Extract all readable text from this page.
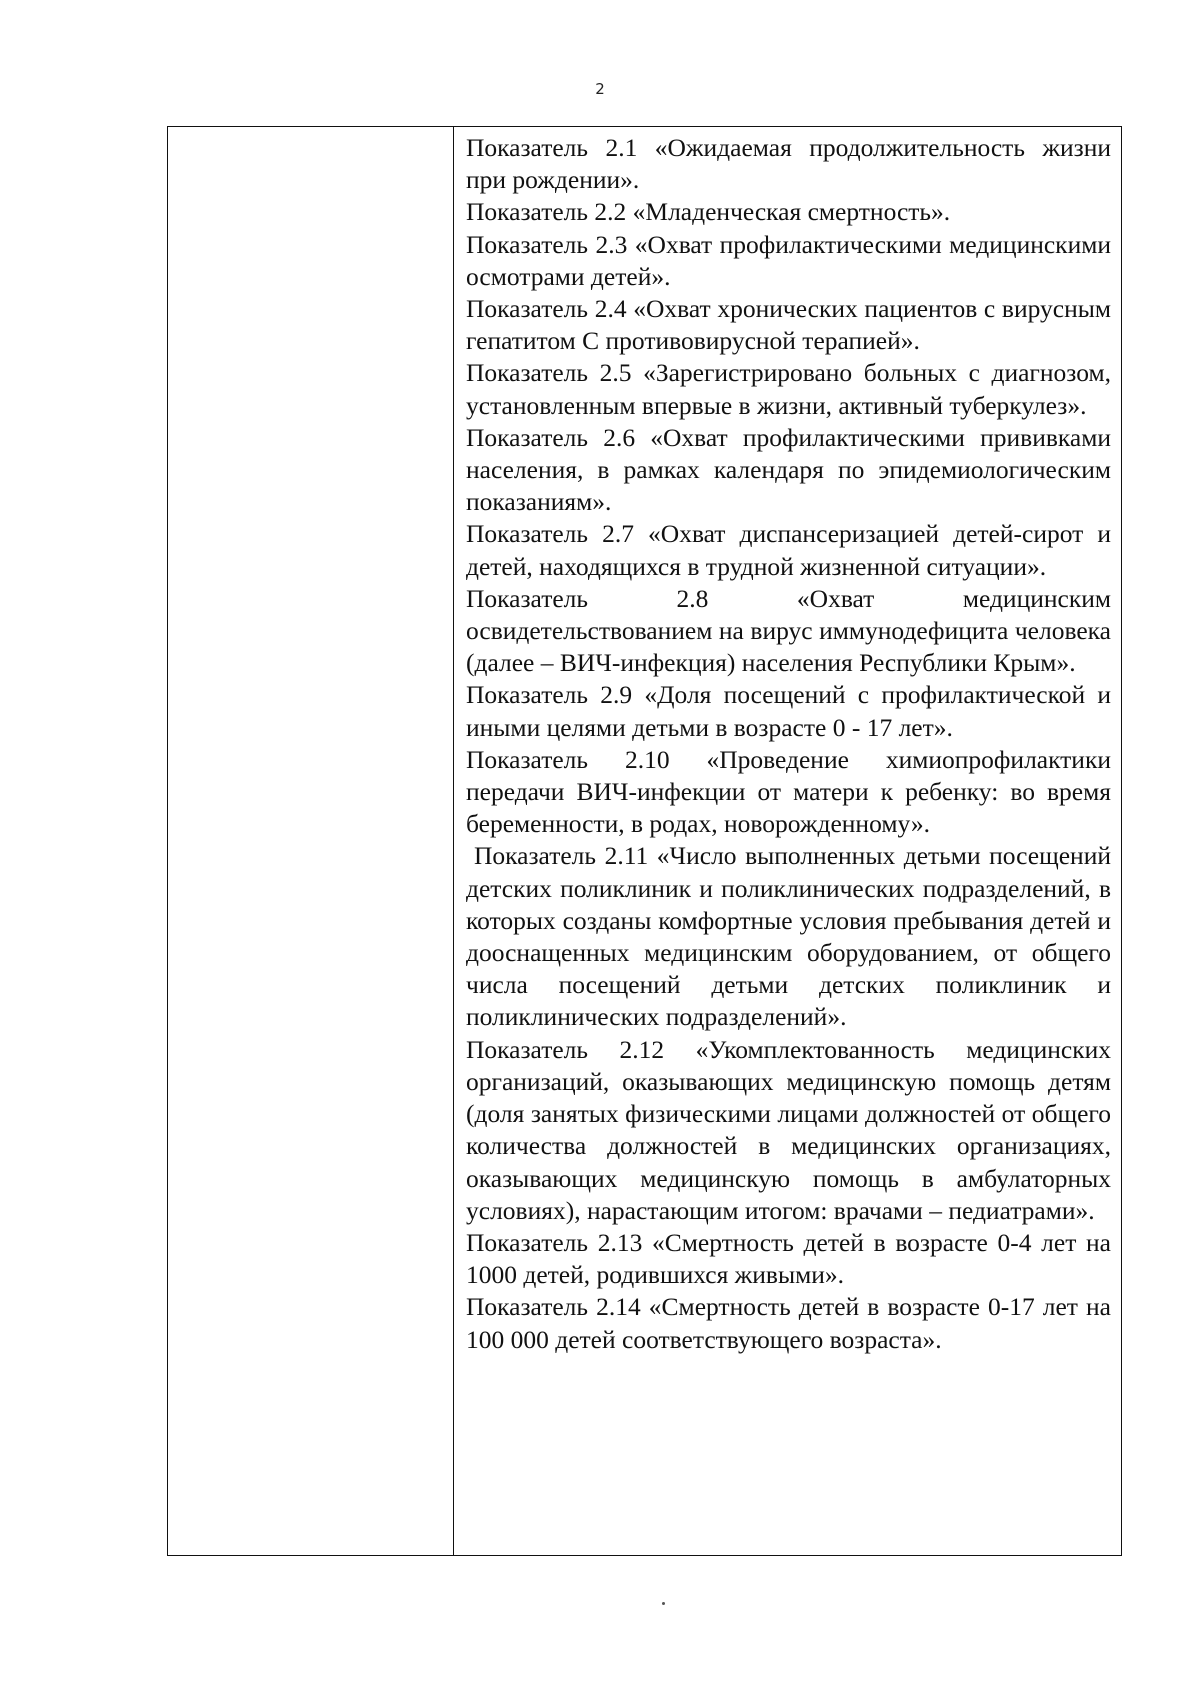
2

Показатель 2.1 «Ожидаемая продолжительность жизни при рождении».

Показатель 2.2 «Младенческая смертность».

Показатель 2.3 «Охват профилактическими медицинскими осмотрами детей».

Показатель 2.4 «Охват хронических пациентов с вирусным гепатитом С противовирусной терапией».

Показатель 2.5 «Зарегистрировано больных с диагнозом, установленным впервые в жизни, активный туберкулез».

Показатель 2.6 «Охват профилактическими прививками населения, в рамках календаря по эпидемиологическим показаниям».

Показатель 2.7 «Охват диспансеризацией детей-сирот и детей, находящихся в трудной жизненной ситуации».

Показатель 2.8 «Охват медицинским освидетельствованием на вирус иммунодефицита человека (далее – ВИЧ-инфекция) населения Республики Крым».

Показатель 2.9 «Доля посещений с профилактической и иными целями детьми в возрасте 0 - 17 лет».

Показатель 2.10 «Проведение химиопрофилактики передачи ВИЧ-инфекции от матери к ребенку: во время беременности, в родах, новорожденному».

Показатель 2.11 «Число выполненных детьми посещений детских поликлиник и поликлинических подразделений, в которых созданы комфортные условия пребывания детей и дооснащенных медицинским оборудованием, от общего числа посещений детьми детских поликлиник и поликлинических подразделений».

Показатель 2.12 «Укомплектованность медицинских организаций, оказывающих медицинскую помощь детям (доля занятых физическими лицами должностей от общего количества должностей в медицинских организациях, оказывающих медицинскую помощь в амбулаторных условиях), нарастающим итогом: врачами – педиатрами».

Показатель 2.13 «Смертность детей в возрасте 0-4 лет на 1000 детей, родившихся живыми».

Показатель 2.14 «Смертность детей в возрасте 0-17 лет на 100 000 детей соответствующего возраста».
